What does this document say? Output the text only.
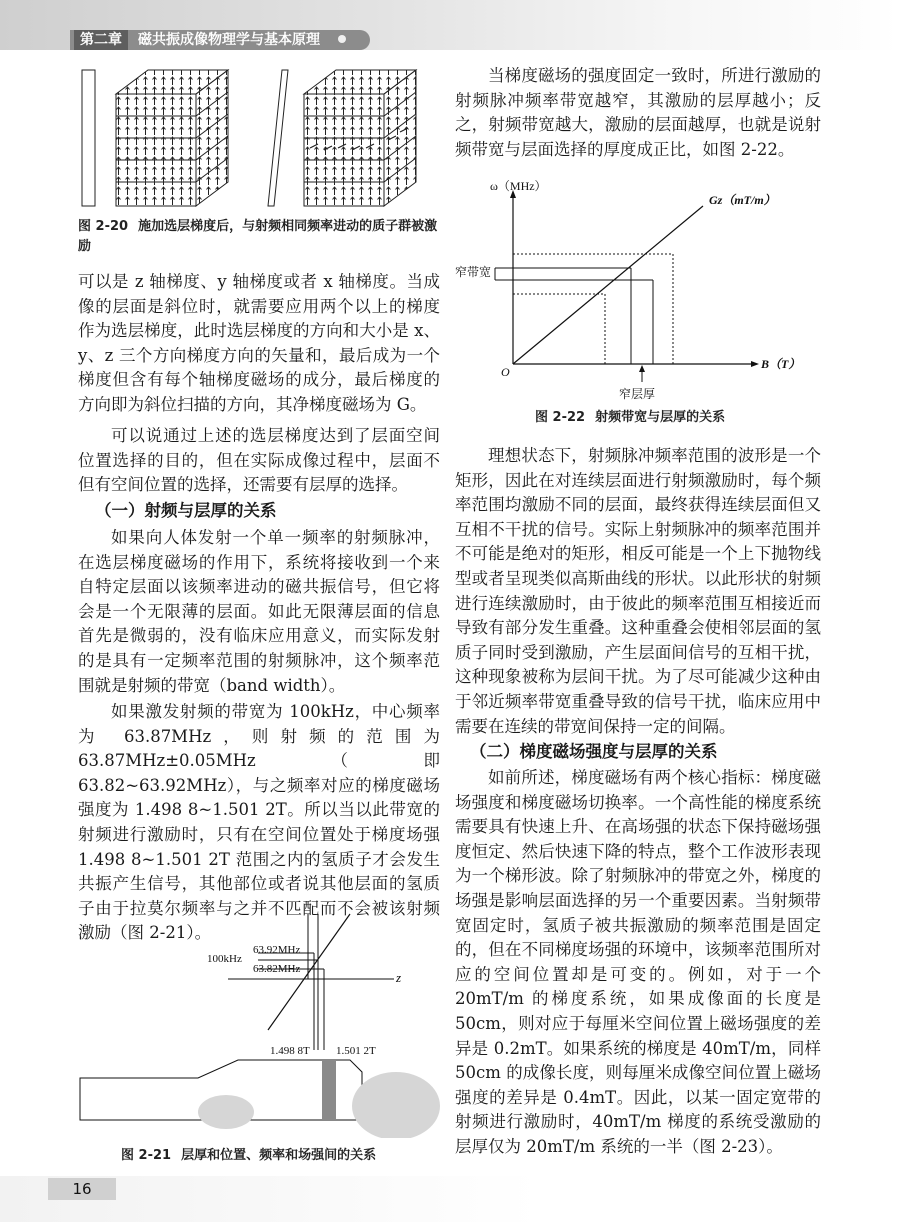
第二章	磁共振成像物理学与基本原理
图 2-20 施加选层梯度后，与射频相同频率进动的质子群被激励

可以是 z 轴梯度、y 轴梯度或者 x 轴梯度。当成像的层面是斜位时，就需要应用两个以上的梯度作为选层梯度，此时选层梯度的方向和大小是 x、y、z 三个方向梯度方向的矢量和，最后成为一个梯度但含有每个轴梯度磁场的成分，最后梯度的方向即为斜位扫描的方向，其净梯度磁场为 G。

可以说通过上述的选层梯度达到了层面空间位置选择的目的，但在实际成像过程中，层面不但有空间位置的选择，还需要有层厚的选择。

（一）射频与层厚的关系

如果向人体发射一个单一频率的射频脉冲，在选层梯度磁场的作用下，系统将接收到一个来自特定层面以该频率进动的磁共振信号，但它将会是一个无限薄的层面。如此无限薄层面的信息首先是微弱的，没有临床应用意义，而实际发射的是具有一定频率范围的射频脉冲，这个频率范围就是射频的带宽（band width）。

如果激发射频的带宽为 100kHz，中心频率为 63.87MHz，则射频的范围为 63.87MHz±0.05MHz（即 63.82~63.92MHz），与之频率对应的梯度磁场强度为 1.498 8~1.501 2T。所以当以此带宽的射频进行激励时，只有在空间位置处于梯度场强 1.498 8~1.501 2T 范围之内的氢质子才会发生共振产生信号，其他部位或者说其他层面的氢质子由于拉莫尔频率与之并不匹配而不会被该射频激励（图 2-21）。

100kHz
63.92MHz
63.82MHz
z
1.498 8T 1.501 2T
图 2-21 层厚和位置、频率和场强间的关系

当梯度磁场的强度固定一致时，所进行激励的射频脉冲频率带宽越窄，其激励的层厚越小；反之，射频带宽越大，激励的层面越厚，也就是说射频带宽与层面选择的厚度成正比，如图 2-22。

ω（MHz）
Gz（mT/m）
窄带宽
O
B（T）
窄层厚
图 2-22 射频带宽与层厚的关系

理想状态下，射频脉冲频率范围的波形是一个矩形，因此在对连续层面进行射频激励时，每个频率范围均激励不同的层面，最终获得连续层面但又互相不干扰的信号。实际上射频脉冲的频率范围并不可能是绝对的矩形，相反可能是一个上下抛物线型或者呈现类似高斯曲线的形状。以此形状的射频进行连续激励时，由于彼此的频率范围互相接近而导致有部分发生重叠。这种重叠会使相邻层面的氢质子同时受到激励，产生层面间信号的互相干扰，这种现象被称为层间干扰。为了尽可能减少这种由于邻近频率带宽重叠导致的信号干扰，临床应用中需要在连续的带宽间保持一定的间隔。

（二）梯度磁场强度与层厚的关系

如前所述，梯度磁场有两个核心指标：梯度磁场强度和梯度磁场切换率。一个高性能的梯度系统需要具有快速上升、在高场强的状态下保持磁场强度恒定、然后快速下降的特点，整个工作波形表现为一个梯形波。除了射频脉冲的带宽之外，梯度的场强是影响层面选择的另一个重要因素。当射频带宽固定时，氢质子被共振激励的频率范围是固定的，但在不同梯度场强的环境中，该频率范围所对应的空间位置却是可变的。例如，对于一个 20mT/m 的梯度系统，如果成像面的长度是 50cm，则对应于每厘米空间位置上磁场强度的差异是 0.2mT。如果系统的梯度是 40mT/m，同样 50cm 的成像长度，则每厘米成像空间位置上磁场强度的差异是 0.4mT。因此，以某一固定宽带的射频进行激励时，40mT/m 梯度的系统受激励的层厚仅为 20mT/m 系统的一半（图 2-23）。

16
